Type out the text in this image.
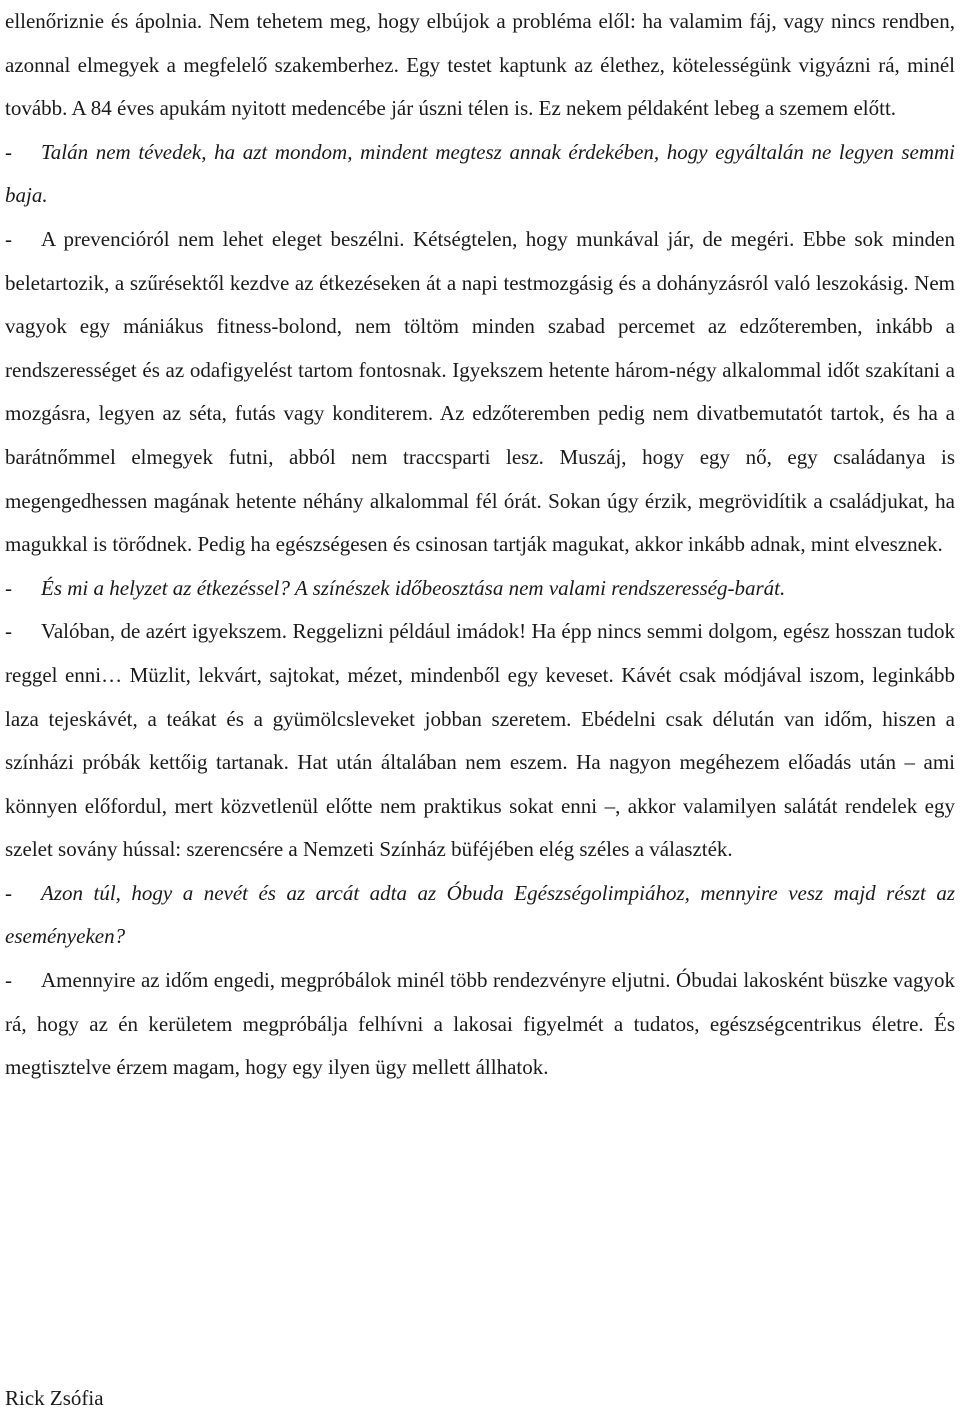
ellenőrizniе és ápolnia. Nem tehetem meg, hogy elbújok a probléma elől: ha valamim fáj, vagy nincs rendben, azonnal elmegyek a megfelelő szakemberhez. Egy testet kaptunk az élethez, kötelességünk vigyázni rá, minél tovább. A 84 éves apukám nyitott medencébe jár úszni télen is. Ez nekem példaként lebeg a szemem előtt.

- Talán nem tévedek, ha azt mondom, mindent megtesz annak érdekében, hogy egyáltalán ne legyen semmi baja.

- A prevencióról nem lehet eleget beszélni. Kétségtelen, hogy munkával jár, de megéri. Ebbe sok minden beletartozik, a szűrésektől kezdve az étkezéseken át a napi testmozgásig és a dohányzásról való leszokásig. Nem vagyok egy mániákus fitness-bolond, nem töltöm minden szabad percemet az edzőteremben, inkább a rendszerességet és az odafigyelést tartom fontosnak. Igyekszem hetente három-négy alkalommal időt szakítani a mozgásra, legyen az séta, futás vagy konditerem. Az edzőteremben pedig nem divatbemutatót tartok, és ha a barátnőmmel elmegyek futni, abból nem traccsparti lesz. Muszáj, hogy egy nő, egy családanya is megengedhessen magának hetente néhány alkalommal fél órát. Sokan úgy érzik, megrövidítik a családjukat, ha magukkal is törődnek. Pedig ha egészségesen és csinosan tartják magukat, akkor inkább adnak, mint elvesznek.

- És mi a helyzet az étkezéssel? A színészek időbeosztása nem valami rendszeresség-barát.

- Valóban, de azért igyekszem. Reggelizni például imádok! Ha épp nincs semmi dolgom, egész hosszan tudok reggel enni… Müzlit, lekvárt, sajtokat, mézet, mindenből egy keveset. Kávét csak módjával iszom, leginkább laza tejeskávét, a teákat és a gyümölcsleveket jobban szeretem. Ebédelni csak délután van időm, hiszen a színházi próbák kettőig tartanak. Hat után általában nem eszem. Ha nagyon megéhezem előadás után – ami könnyen előfordul, mert közvetlenül előtte nem praktikus sokat enni –, akkor valamilyen salátát rendelek egy szelet sovány hússal: szerencsére a Nemzeti Színház büféjében elég széles a választék.

- Azon túl, hogy a nevét és az arcát adta az Óbuda Egészségolimpiához, mennyire vesz majd részt az eseményeken?

- Amennyire az időm engedi, megpróbálok minél több rendezvényre eljutni. Óbudai lakosként büszke vagyok rá, hogy az én kerületem megpróbálja felhívni a lakosai figyelmét a tudatos, egészségcentrikus életre. És megtisztelve érzem magam, hogy egy ilyen ügy mellett állhatok.

Rick Zsófia
